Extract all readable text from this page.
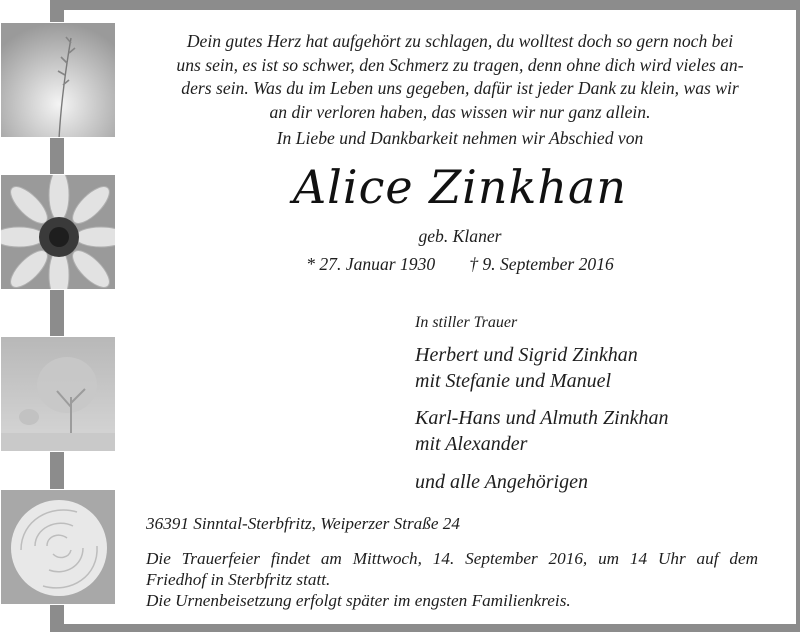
Dein gutes Herz hat aufgehört zu schlagen, du wolltest doch so gern noch bei
uns sein, es ist so schwer, den Schmerz zu tragen, denn ohne dich wird vieles an-
ders sein. Was du im Leben uns gegeben, dafür ist jeder Dank zu klein, was wir
an dir verloren haben, das wissen wir nur ganz allein.
In Liebe und Dankbarkeit nehmen wir Abschied von
Alice Zinkhan
geb. Klaner
* 27. Januar 1930 † 9. September 2016
In stiller Trauer
Herbert und Sigrid Zinkhan
mit Stefanie und Manuel
Karl-Hans und Almuth Zinkhan
mit Alexander
und alle Angehörigen
36391 Sinntal-Sterbfritz, Weiperzer Straße 24
Die Trauerfeier findet am Mittwoch, 14. September 2016, um 14 Uhr auf dem
Friedhof in Sterbfritz statt.
Die Urnenbeisetzung erfolgt später im engsten Familienkreis.
